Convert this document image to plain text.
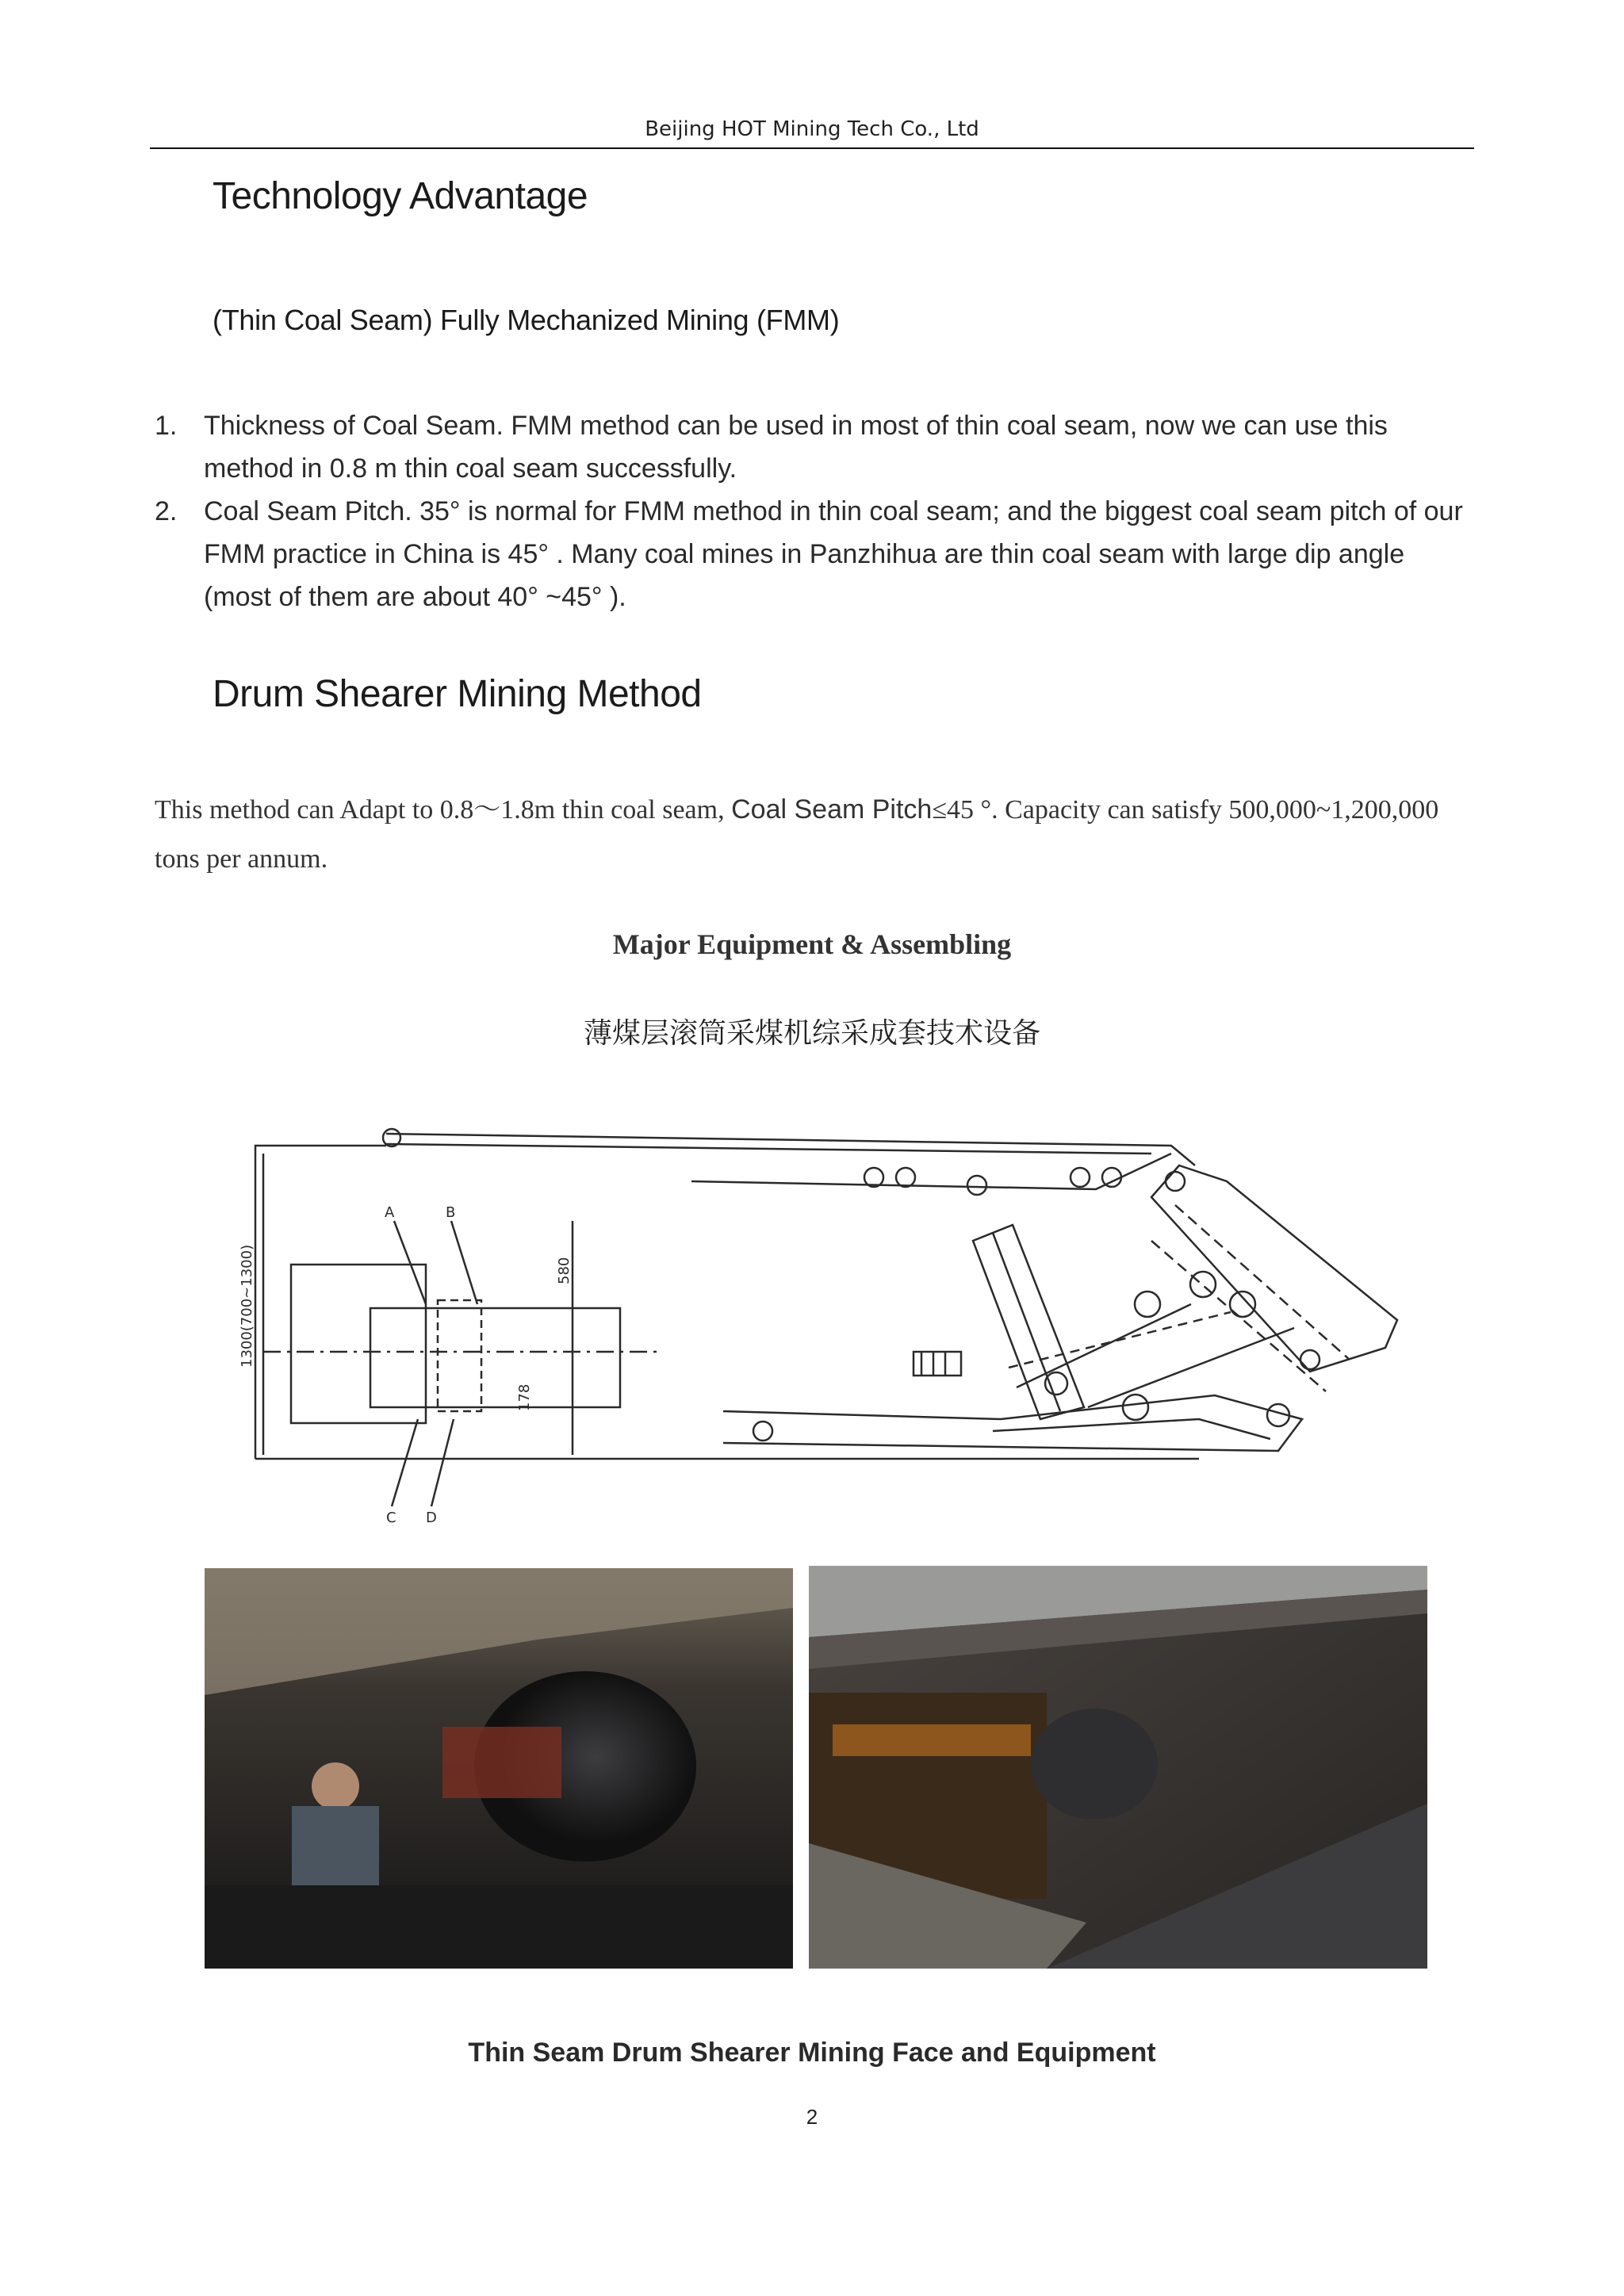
Beijing HOT Mining Tech Co., Ltd
Technology Advantage
(Thin Coal Seam) Fully Mechanized Mining (FMM)
1. Thickness of Coal Seam. FMM method can be used in most of thin coal seam, now we can use this method in 0.8 m thin coal seam successfully.
2. Coal Seam Pitch. 35° is normal for FMM method in thin coal seam; and the biggest coal seam pitch of our FMM practice in China is 45° . Many coal mines in Panzhihua are thin coal seam with large dip angle (most of them are about 40° ~45° ).
Drum Shearer Mining Method
This method can Adapt to 0.8～1.8m thin coal seam, Coal Seam Pitch≤45 °. Capacity can satisfy 500,000~1,200,000 tons per annum.
Major Equipment & Assembling
薄煤层滚筒采煤机综采成套技术设备
A	B
C D
1300(700~1300)	580
178
Thin Seam Drum Shearer Mining Face and Equipment
2
